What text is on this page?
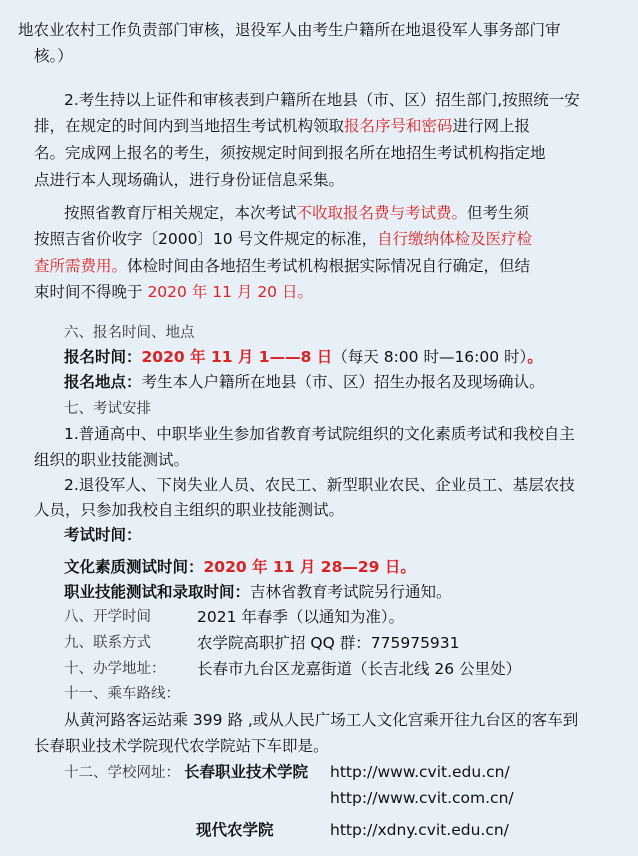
地农业农村工作负责部门审核，退役军人由考生户籍所在地退役军人事务部门审
核。）
2.考生持以上证件和审核表到户籍所在地县（市、区）招生部门,按照统一安
排，在规定的时间内到当地招生考试机构领取报名序号和密码进行网上报
名。完成网上报名的考生，须按规定时间到报名所在地招生考试机构指定地
点进行本人现场确认，进行身份证信息采集。
按照省教育厅相关规定，本次考试不收取报名费与考试费。但考生须
按照吉省价收字〔2000〕10 号文件规定的标准，自行缴纳体检及医疗检
查所需费用。体检时间由各地招生考试机构根据实际情况自行确定，但结
束时间不得晚于 2020 年 11 月 20 日。
六、报名时间、地点
报名时间：2020 年 11 月 1——8 日（每天 8:00 时—16:00 时）。
报名地点：考生本人户籍所在地县（市、区）招生办报名及现场确认。
七、考试安排
1.普通高中、中职毕业生参加省教育考试院组织的文化素质考试和我校自主
组织的职业技能测试。
2.退役军人、下岗失业人员、农民工、新型职业农民、企业员工、基层农技
人员，只参加我校自主组织的职业技能测试。
考试时间：
文化素质测试时间：2020 年 11 月 28—29 日。
职业技能测试和录取时间：吉林省教育考试院另行通知。
八、开学时间	2021 年春季（以通知为准）。
九、联系方式	农学院高职扩招 QQ 群：775975931
十、办学地址： 长春市九台区龙嘉街道（长吉北线 26 公里处）
十一、乘车路线：
从黄河路客运站乘 399 路 ,或从人民广场工人文化宫乘开往九台区的客车到
长春职业技术学院现代农学院站下车即是。
十二、学校网址： 长春职业技术学院 http://www.cvit.edu.cn/
http://www.cvit.com.cn/
现代农学院	http://xdny.cvit.edu.cn/
